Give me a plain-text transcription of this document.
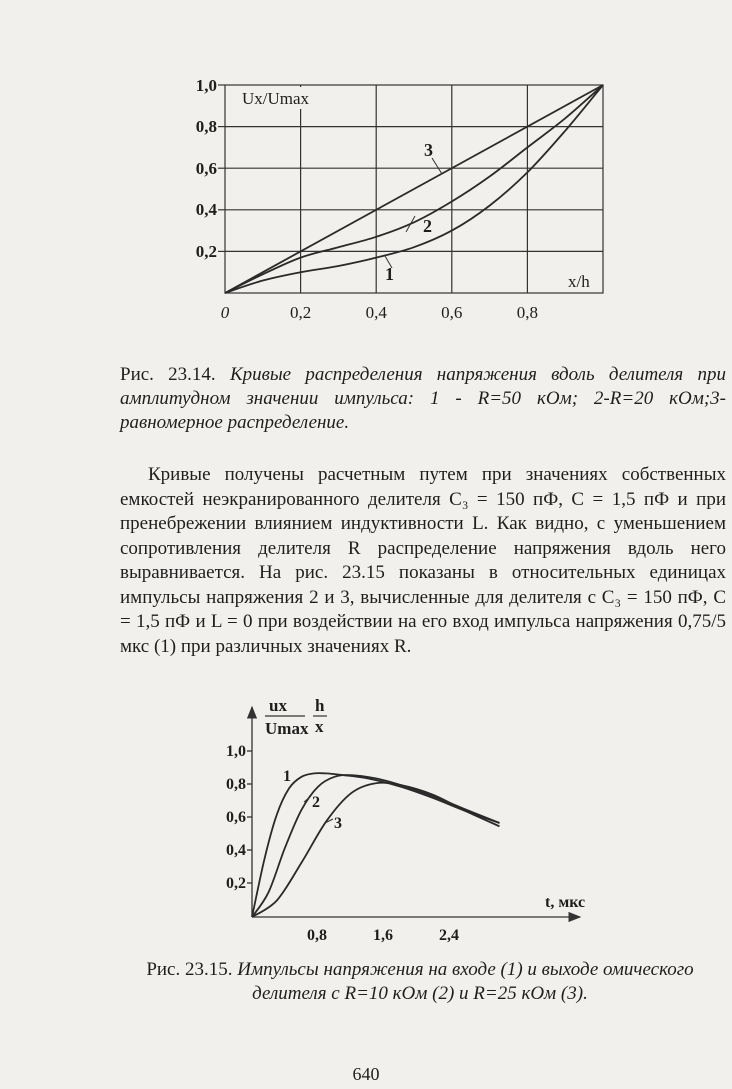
Ux/Umax
x/h
1,0
0,8
0,6
0,4
0,2
0	0,2	0,4	0,6	0,8
3
2
1
Рис. 23.14. Кривые распределения напряжения вдоль делителя при амплитудном значении импульса: 1 - R=50 кОм; 2-R=20 кОм;3-равномерное распределение.

Кривые получены расчетным путем при значениях собственных емкостей неэкранированного делителя С₃ = 150 пФ, С = 1,5 пФ и при пренебрежении влиянием индуктивности L. Как видно, с уменьшением сопротивления делителя R распределение напряжения вдоль него выравнивается. На рис. 23.15 показаны в относительных единицах импульсы напряжения 2 и 3, вычисленные для делителя с С₃ = 150 пФ, С = 1,5 пФ и L = 0 при воздействии на его вход импульса напряжения 0,75/5 мкс (1) при различных значениях R.

ux
Umax
h
x
1,0
0,8
0,6
0,4
0,2
0,8	1,6	2,4
t, мкс
1
2
3
Рис. 23.15. Импульсы напряжения на входе (1) и выходе омического делителя с R=10 кОм (2) и R=25 кОм (3).
640
